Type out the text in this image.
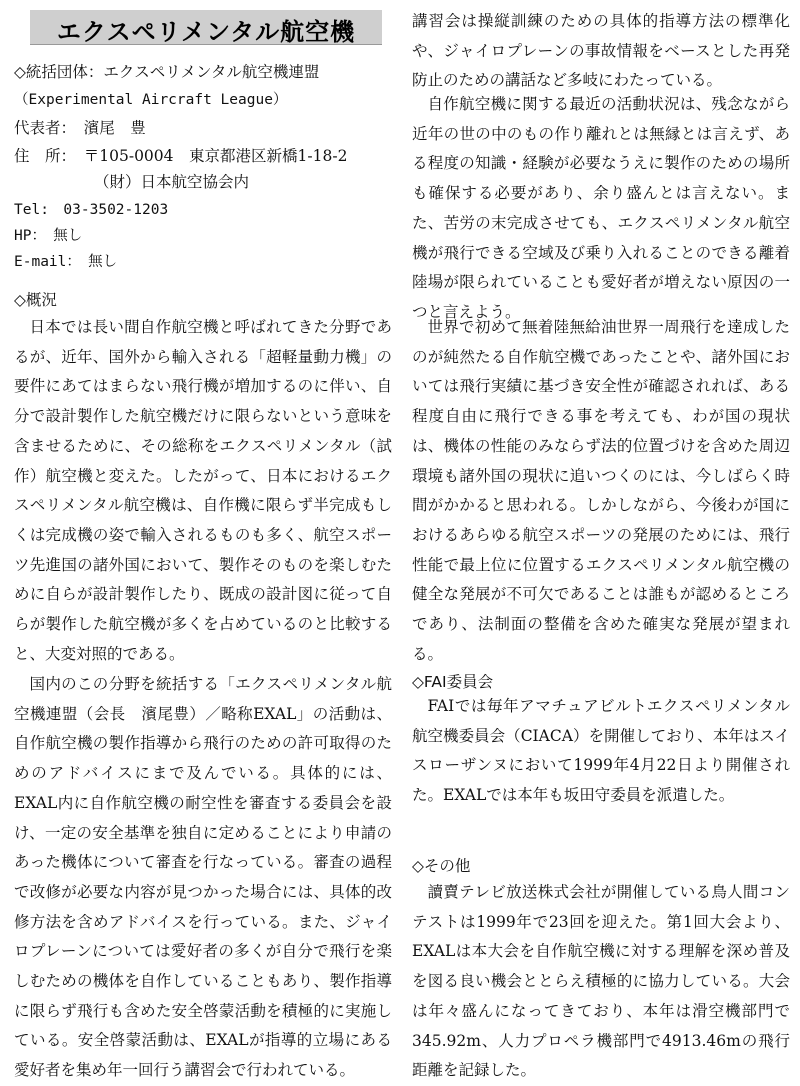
エクスペリメンタル航空機
◇統括団体：エクスペリメンタル航空機連盟
（Experimental Aircraft League）
代表者：　濱尾　豊
住　所：　〒105-0004　東京都港区新橋1-18-2
（財）日本航空協会内
Tel:　03-3502-1203
HP：　無し
E-mail：　無し
◇概況

日本では長い間自作航空機と呼ばれてきた分野であるが、近年、国外から輸入される「超軽量動力機」の要件にあてはまらない飛行機が増加するのに伴い、自分で設計製作した航空機だけに限らないという意味を含ませるために、その総称をエクスペリメンタル（試作）航空機と変えた。したがって、日本におけるエクスペリメンタル航空機は、自作機に限らず半完成もしくは完成機の姿で輸入されるものも多く、航空スポーツ先進国の諸外国において、製作そのものを楽しむために自らが設計製作したり、既成の設計図に従って自らが製作した航空機が多くを占めているのと比較すると、大変対照的である。

国内のこの分野を統括する「エクスペリメンタル航空機連盟（会長　濱尾豊）／略称EXAL」の活動は、自作航空機の製作指導から飛行のための許可取得のためのアドバイスにまで及んでいる。具体的には、EXAL内に自作航空機の耐空性を審査する委員会を設け、一定の安全基準を独自に定めることにより申請のあった機体について審査を行なっている。審査の過程で改修が必要な内容が見つかった場合には、具体的改修方法を含めアドバイスを行っている。また、ジャイロプレーンについては愛好者の多くが自分で飛行を楽しむための機体を自作していることもあり、製作指導に限らず飛行も含めた安全啓蒙活動を積極的に実施している。安全啓蒙活動は、EXALが指導的立場にある愛好者を集め年一回行う講習会で行われている。

講習会は操縦訓練のための具体的指導方法の標準化や、ジャイロプレーンの事故情報をベースとした再発防止のための講話など多岐にわたっている。

自作航空機に関する最近の活動状況は、残念ながら近年の世の中のもの作り離れとは無縁とは言えず、ある程度の知識・経験が必要なうえに製作のための場所も確保する必要があり、余り盛んとは言えない。また、苦労の末完成させても、エクスペリメンタル航空機が飛行できる空域及び乗り入れることのできる離着陸場が限られていることも愛好者が増えない原因の一つと言えよう。

世界で初めて無着陸無給油世界一周飛行を達成したのが純然たる自作航空機であったことや、諸外国においては飛行実績に基づき安全性が確認されれば、ある程度自由に飛行できる事を考えても、わが国の現状は、機体の性能のみならず法的位置づけを含めた周辺環境も諸外国の現状に追いつくのには、今しばらく時間がかかると思われる。しかしながら、今後わが国におけるあらゆる航空スポーツの発展のためには、飛行性能で最上位に位置するエクスペリメンタル航空機の健全な発展が不可欠であることは誰もが認めるところであり、法制面の整備を含めた確実な発展が望まれる。

◇FAI委員会

FAIでは毎年アマチュアビルトエクスペリメンタル航空機委員会（CIACA）を開催しており、本年はスイスローザンヌにおいて1999年4月22日より開催された。EXALでは本年も坂田守委員を派遣した。

◇その他

讀賣テレビ放送株式会社が開催している鳥人間コンテストは1999年で23回を迎えた。第1回大会より、EXALは本大会を自作航空機に対する理解を深め普及を図る良い機会ととらえ積極的に協力している。大会は年々盛んになってきており、本年は滑空機部門で345.92m、人力プロペラ機部門で4913.46mの飛行距離を記録した。
